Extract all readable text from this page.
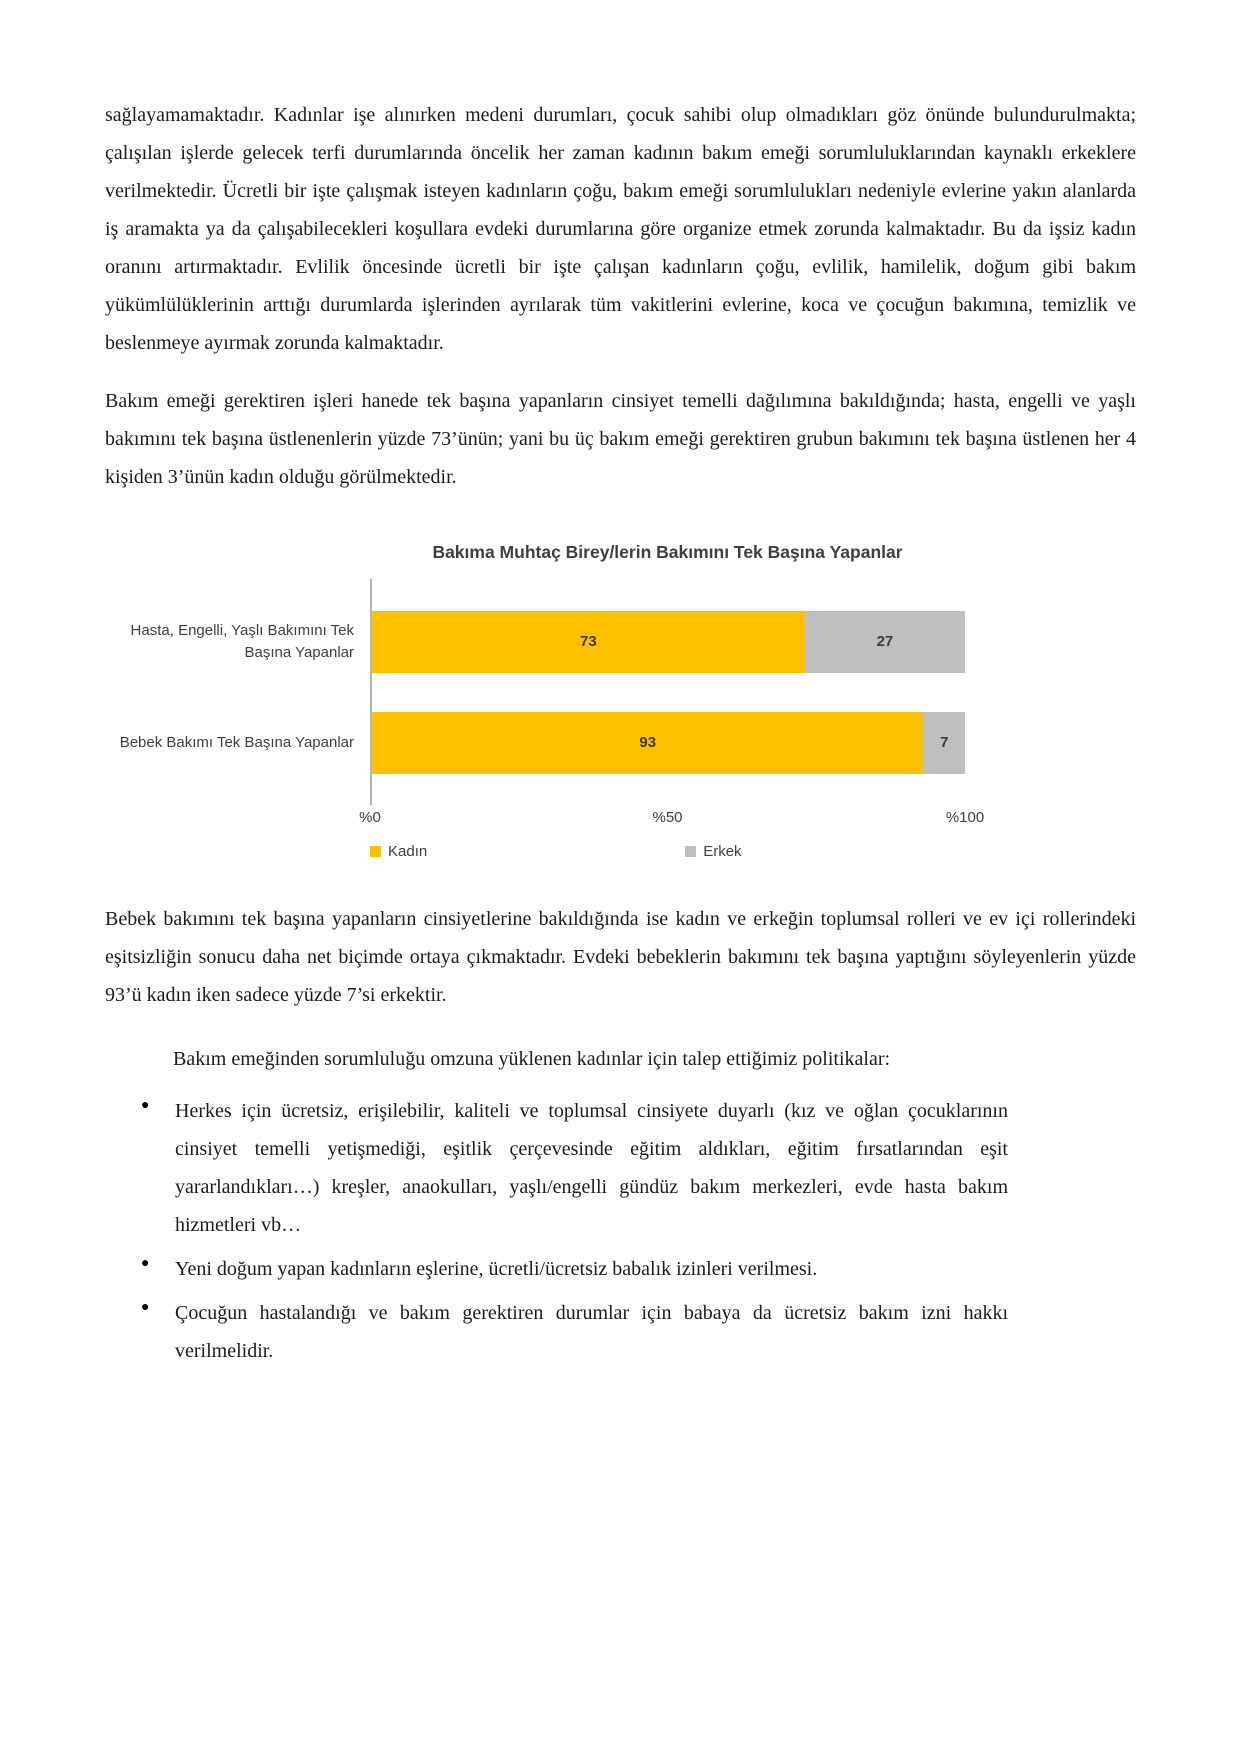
sağlayamamaktadır. Kadınlar işe alınırken medeni durumları, çocuk sahibi olup olmadıkları göz önünde bulundurulmakta; çalışılan işlerde gelecek terfi durumlarında öncelik her zaman kadının bakım emeği sorumluluklarından kaynaklı erkeklere verilmektedir. Ücretli bir işte çalışmak isteyen kadınların çoğu, bakım emeği sorumlulukları nedeniyle evlerine yakın alanlarda iş aramakta ya da çalışabilecekleri koşullara evdeki durumlarına göre organize etmek zorunda kalmaktadır. Bu da işsiz kadın oranını artırmaktadır. Evlilik öncesinde ücretli bir işte çalışan kadınların çoğu, evlilik, hamilelik, doğum gibi bakım yükümlülüklerinin arttığı durumlarda işlerinden ayrılarak tüm vakitlerini evlerine, koca ve çocuğun bakımına, temizlik ve beslenmeye ayırmak zorunda kalmaktadır.

Bakım emeği gerektiren işleri hanede tek başına yapanların cinsiyet temelli dağılımına bakıldığında; hasta, engelli ve yaşlı bakımını tek başına üstlenenlerin yüzde 73’ünün; yani bu üç bakım emeği gerektiren grubun bakımını tek başına üstlenen her 4 kişiden 3’ünün kadın olduğu görülmektedir.

Bakıma Muhtaç Birey/lerin Bakımını Tek Başına Yapanlar
Hasta, Engelli, Yaşlı Bakımını Tek Başına Yapanlar
Bebek Bakımı Tek Başına Yapanlar
73	27
93	7
%0	%50	%100
Kadın	Erkek

Bebek bakımını tek başına yapanların cinsiyetlerine bakıldığında ise kadın ve erkeğin toplumsal rolleri ve ev içi rollerindeki eşitsizliğin sonucu daha net biçimde ortaya çıkmaktadır. Evdeki bebeklerin bakımını tek başına yaptığını söyleyenlerin yüzde 93’ü kadın iken sadece yüzde 7’si erkektir.

Bakım emeğinden sorumluluğu omzuna yüklenen kadınlar için talep ettiğimiz politikalar:

● Herkes için ücretsiz, erişilebilir, kaliteli ve toplumsal cinsiyete duyarlı (kız ve oğlan çocuklarının cinsiyet temelli yetişmediği, eşitlik çerçevesinde eğitim aldıkları, eğitim fırsatlarından eşit yararlandıkları…) kreşler, anaokulları, yaşlı/engelli gündüz bakım merkezleri, evde hasta bakım hizmetleri vb…
● Yeni doğum yapan kadınların eşlerine, ücretli/ücretsiz babalık izinleri verilmesi.
● Çocuğun hastalandığı ve bakım gerektiren durumlar için babaya da ücretsiz bakım izni hakkı verilmelidir.
